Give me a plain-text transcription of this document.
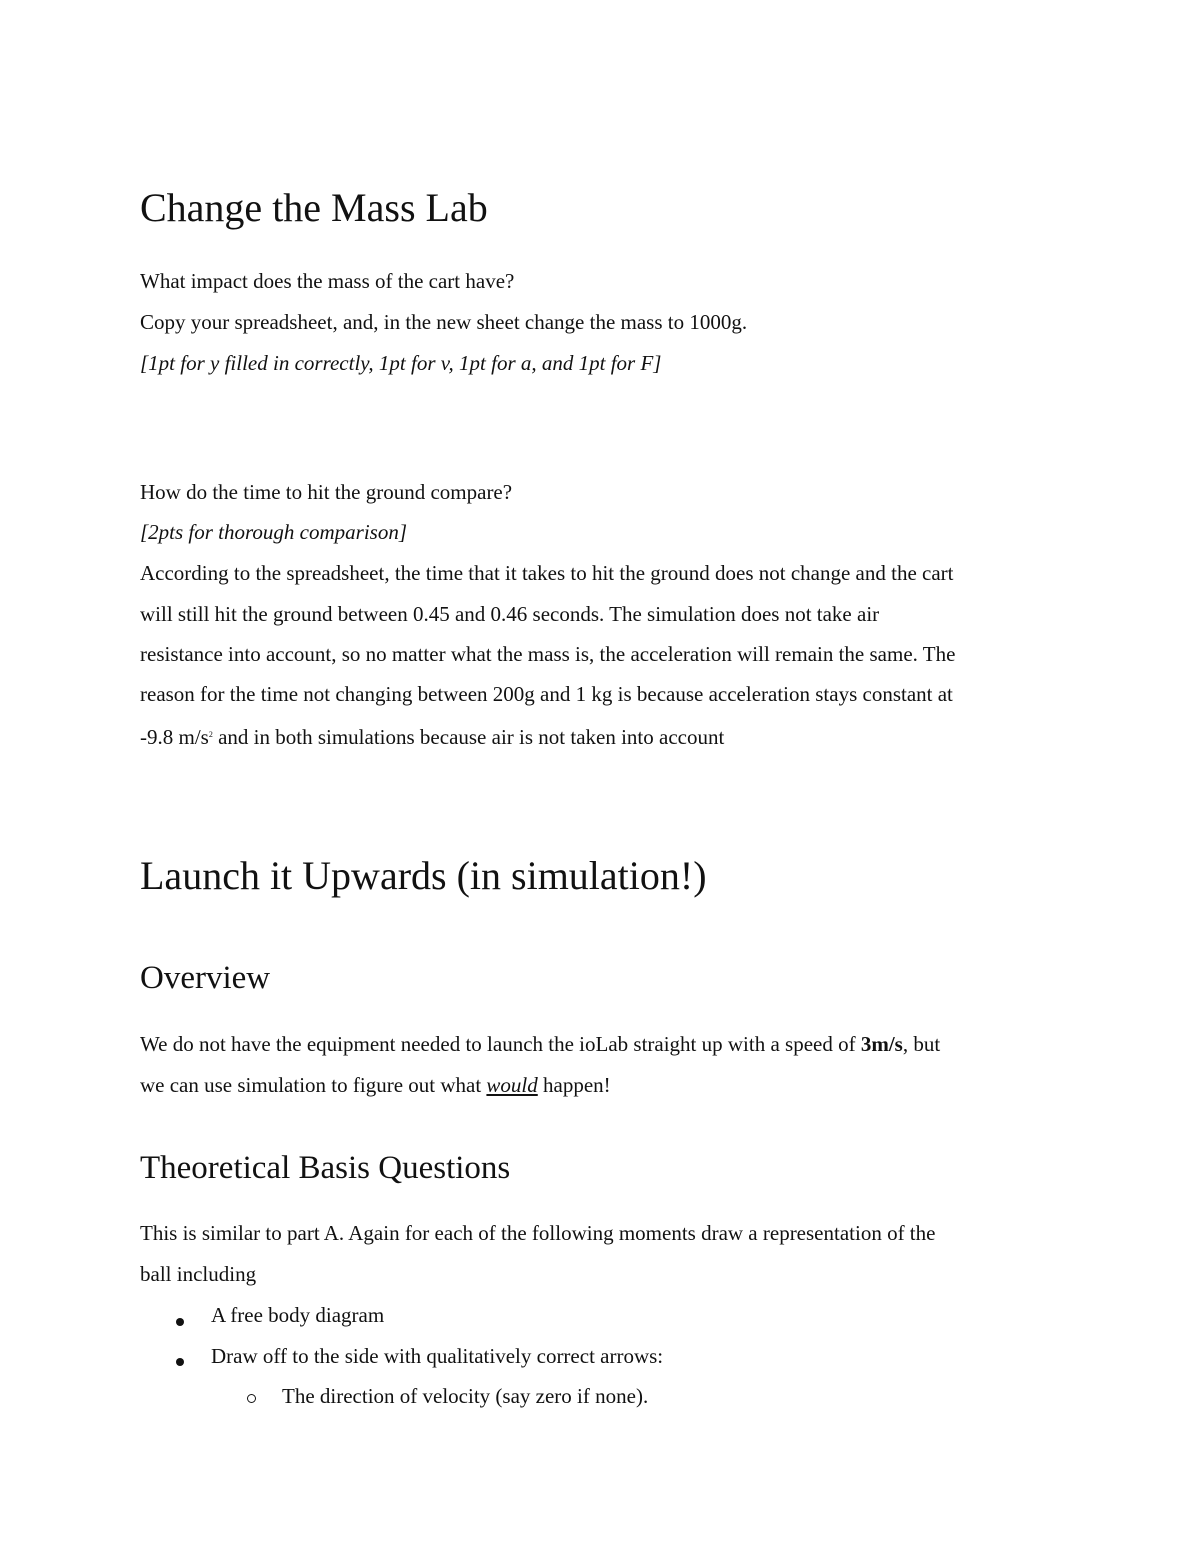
Change the Mass Lab
What impact does the mass of the cart have?
Copy your spreadsheet, and, in the new sheet change the mass to 1000g.
[1pt for y filled in correctly, 1pt for v, 1pt for a, and 1pt for F]
How do the time to hit the ground compare?
[2pts for thorough comparison]
According to the spreadsheet, the time that it takes to hit the ground does not change and the cart
will still hit the ground between 0.45 and 0.46 seconds. The simulation does not take air
resistance into account, so no matter what the mass is, the acceleration will remain the same. The
reason for the time not changing between 200g and 1 kg is because acceleration stays constant at
-9.8 $m/s^2$ and in both simulations because air is not taken into account
Launch it Upwards (in simulation!)
Overview
We do not have the equipment needed to launch the ioLab straight up with a speed of 3m/s, but
we can use simulation to figure out what would happen!
Theoretical Basis Questions
This is similar to part A. Again for each of the following moments draw a representation of the
ball including
A free body diagram
Draw off to the side with qualitatively correct arrows:
The direction of velocity (say zero if none).
